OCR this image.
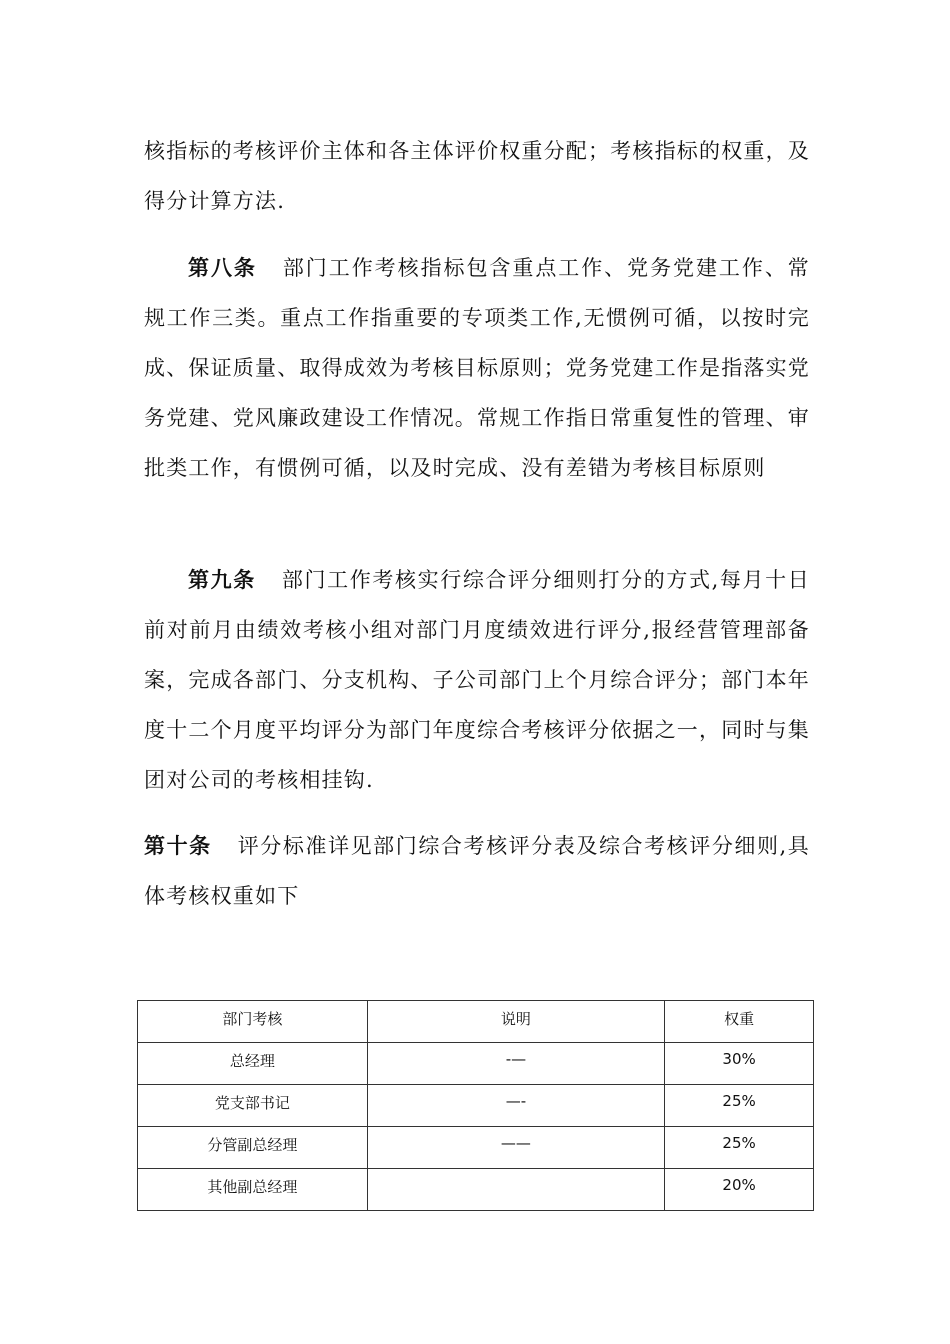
核指标的考核评价主体和各主体评价权重分配；考核指标的权重，及得分计算方法.

第八条 部门工作考核指标包含重点工作、党务党建工作、常规工作三类。重点工作指重要的专项类工作,无惯例可循，以按时完成、保证质量、取得成效为考核目标原则；党务党建工作是指落实党务党建、党风廉政建设工作情况。常规工作指日常重复性的管理、审批类工作，有惯例可循，以及时完成、没有差错为考核目标原则

第九条 部门工作考核实行综合评分细则打分的方式,每月十日前对前月由绩效考核小组对部门月度绩效进行评分,报经营管理部备案，完成各部门、分支机构、子公司部门上个月综合评分；部门本年度十二个月度平均评分为部门年度综合考核评分依据之一，同时与集团对公司的考核相挂钩.

第十条 评分标准详见部门综合考核评分表及综合考核评分细则,具体考核权重如下

部门考核	说明	权重

总经理	-—	30%

党支部书记	—-	25%

分管副总经理	——	25%

其他副总经理		20%
